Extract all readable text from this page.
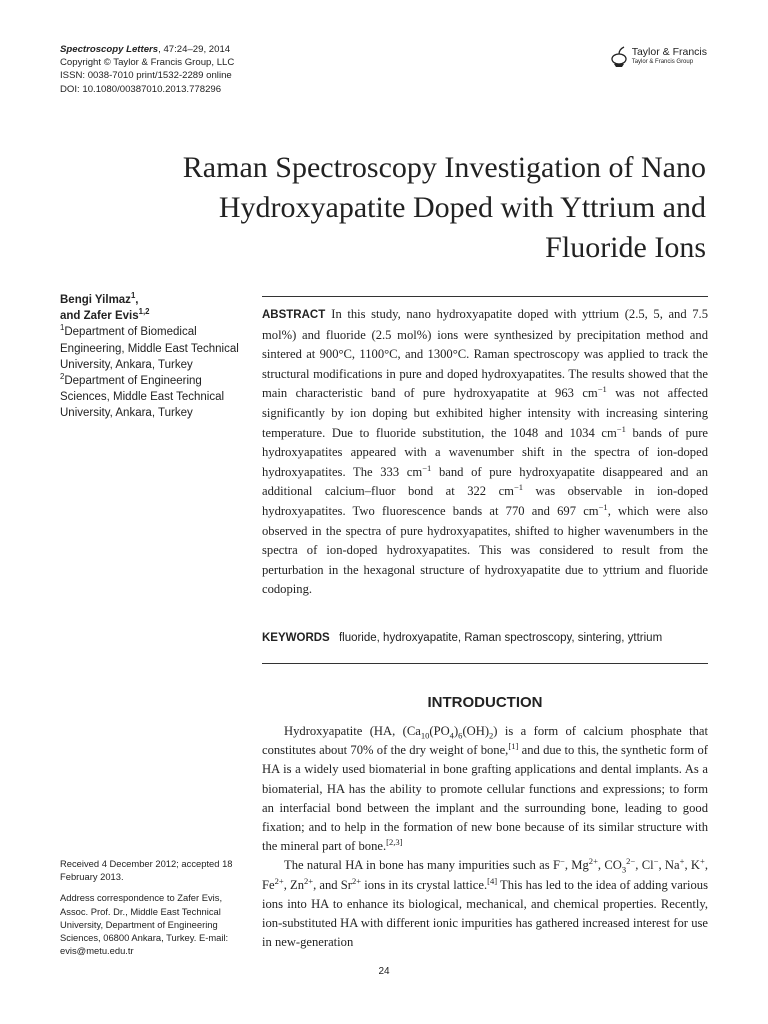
Spectroscopy Letters, 47:24–29, 2014
Copyright © Taylor & Francis Group, LLC
ISSN: 0038-7010 print/1532-2289 online
DOI: 10.1080/00387010.2013.778296
Taylor & Francis
Taylor & Francis Group
Raman Spectroscopy Investigation of Nano
Hydroxyapatite Doped with Yttrium and
Fluoride Ions
Bengi Yilmaz$^1$,
and Zafer Evis$^{1,2}$

$^1$Department of Biomedical Engineering, Middle East Technical University, Ankara, Turkey

$^2$Department of Engineering Sciences, Middle East Technical University, Ankara, Turkey

ABSTRACT In this study, nano hydroxyapatite doped with yttrium (2.5, 5, and 7.5 mol%) and fluoride (2.5 mol%) ions were synthesized by precipitation method and sintered at 900°C, 1100°C, and 1300°C. Raman spectroscopy was applied to track the structural modifications in pure and doped hydroxyapatites. The results showed that the main characteristic band of pure hydroxyapatite at 963 $cm^{-1}$ was not affected significantly by ion doping but exhibited higher intensity with increasing sintering temperature. Due to fluoride substitution, the 1048 and 1034 $cm^{-1}$ bands of pure hydroxyapatites appeared with a wavenumber shift in the spectra of ion-doped hydroxyapatites. The 333 $cm^{-1}$ band of pure hydroxyapatite disappeared and an additional calcium–fluor bond at 322 $cm^{-1}$ was observable in ion-doped hydroxyapatites. Two fluorescence bands at 770 and 697 $cm^{-1}$, which were also observed in the spectra of pure hydroxyapatites, shifted to higher wavenumbers in the spectra of ion-doped hydroxyapatites. This was considered to result from the perturbation in the hexagonal structure of hydroxyapatite due to yttrium and fluoride codoping.

KEYWORDS fluoride, hydroxyapatite, Raman spectroscopy, sintering, yttrium
INTRODUCTION

Hydroxyapatite (HA, $(Ca_{10}(PO_4)_6(OH)_2)$ is a form of calcium phosphate that constitutes about 70% of the dry weight of bone,[1] and due to this, the synthetic form of HA is a widely used biomaterial in bone grafting applications and dental implants. As a biomaterial, HA has the ability to promote cellular functions and expressions; to form an interfacial bond between the implant and the surrounding bone, leading to good fixation; and to help in the formation of new bone because of its similar structure with the mineral part of bone.[2,3]

The natural HA in bone has many impurities such as F−, $Mg^{2+}$, $CO_3^{2-}$, Cl−, Na+, K+, $Fe^{2+}$, $Zn^{2+}$, and $Sr^{2+}$ ions in its crystal lattice.[4] This has led to the idea of adding various ions into HA to enhance its biological, mechanical, and chemical properties. Recently, ion-substituted HA with different ionic impurities has gathered increased interest for use in new-generation

Received 4 December 2012; accepted 18 February 2013.

Address correspondence to Zafer Evis, Assoc. Prof. Dr., Middle East Technical University, Department of Engineering Sciences, 06800 Ankara, Turkey. E-mail: evis@metu.edu.tr

24
